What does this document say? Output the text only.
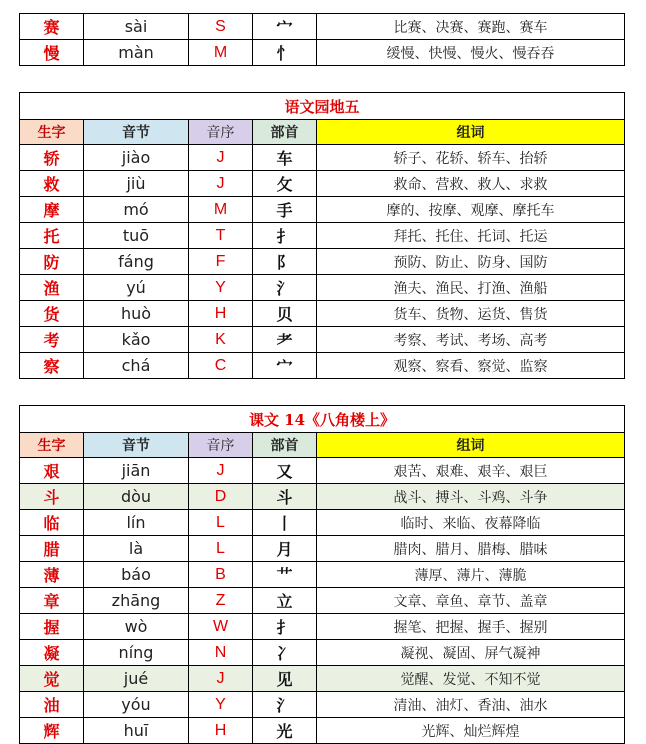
赛	sài	S	宀	比赛、决赛、赛跑、赛车
慢	màn	M	忄	缓慢、快慢、慢火、慢吞吞
语文园地五				
生字	音节	音序	部首	组词
轿	jiào	J	车	轿子、花轿、轿车、抬轿
救	jiù	J	攵	救命、营救、救人、求救
摩	mó	M	手	摩的、按摩、观摩、摩托车
托	tuō	T	扌	拜托、托住、托词、托运
防	fáng	F	阝	预防、防止、防身、国防
渔	yú	Y	氵	渔夫、渔民、打渔、渔船
货	huò	H	贝	货车、货物、运货、售货
考	kǎo	K	耂	考察、考试、考场、高考
察	chá	C	宀	观察、察看、察觉、监察
课文 14《八角楼上》				
生字	音节	音序	部首	组词
艰	jiān	J	又	艰苦、艰难、艰辛、艰巨
斗	dòu	D	斗	战斗、搏斗、斗鸡、斗争
临	lín	L	丨	临时、来临、夜幕降临
腊	là	L	月	腊肉、腊月、腊梅、腊味
薄	báo	B	艹	薄厚、薄片、薄脆
章	zhāng	Z	立	文章、章鱼、章节、盖章
握	wò	W	扌	握笔、把握、握手、握别
凝	níng	N	冫	凝视、凝固、屏气凝神
觉	jué	J	见	觉醒、发觉、不知不觉
油	yóu	Y	氵	清油、油灯、香油、油水
辉	huī	H	光	光辉、灿烂辉煌
